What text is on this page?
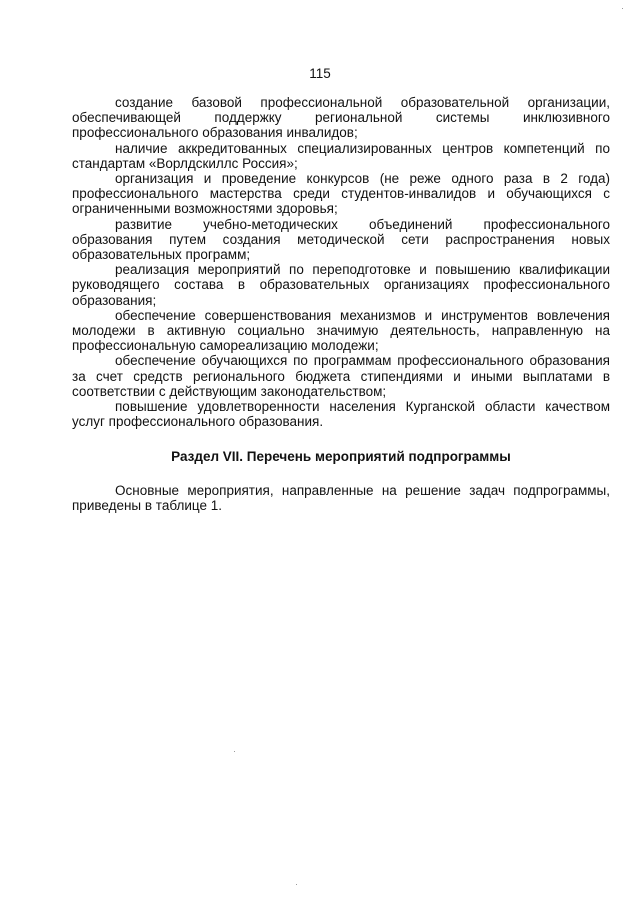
115

создание базовой профессиональной образовательной организации, обеспечивающей поддержку региональной системы инклюзивного профессионального образования инвалидов;

наличие аккредитованных специализированных центров компетенций по стандартам «Ворлдскиллс Россия»;

организация и проведение конкурсов (не реже одного раза в 2 года) профессионального мастерства среди студентов-инвалидов и обучающихся с ограниченными возможностями здоровья;

развитие учебно-методических объединений профессионального образования путем создания методической сети распространения новых образовательных программ;

реализация мероприятий по переподготовке и повышению квалификации руководящего состава в образовательных организациях профессионального образования;

обеспечение совершенствования механизмов и инструментов вовлечения молодежи в активную социально значимую деятельность, направленную на профессиональную самореализацию молодежи;

обеспечение обучающихся по программам профессионального образования за счет средств регионального бюджета стипендиями и иными выплатами в соответствии с действующим законодательством;

повышение удовлетворенности населения Курганской области качеством услуг профессионального образования.

Раздел VII. Перечень мероприятий подпрограммы

Основные мероприятия, направленные на решение задач подпрограммы, приведены в таблице 1.
